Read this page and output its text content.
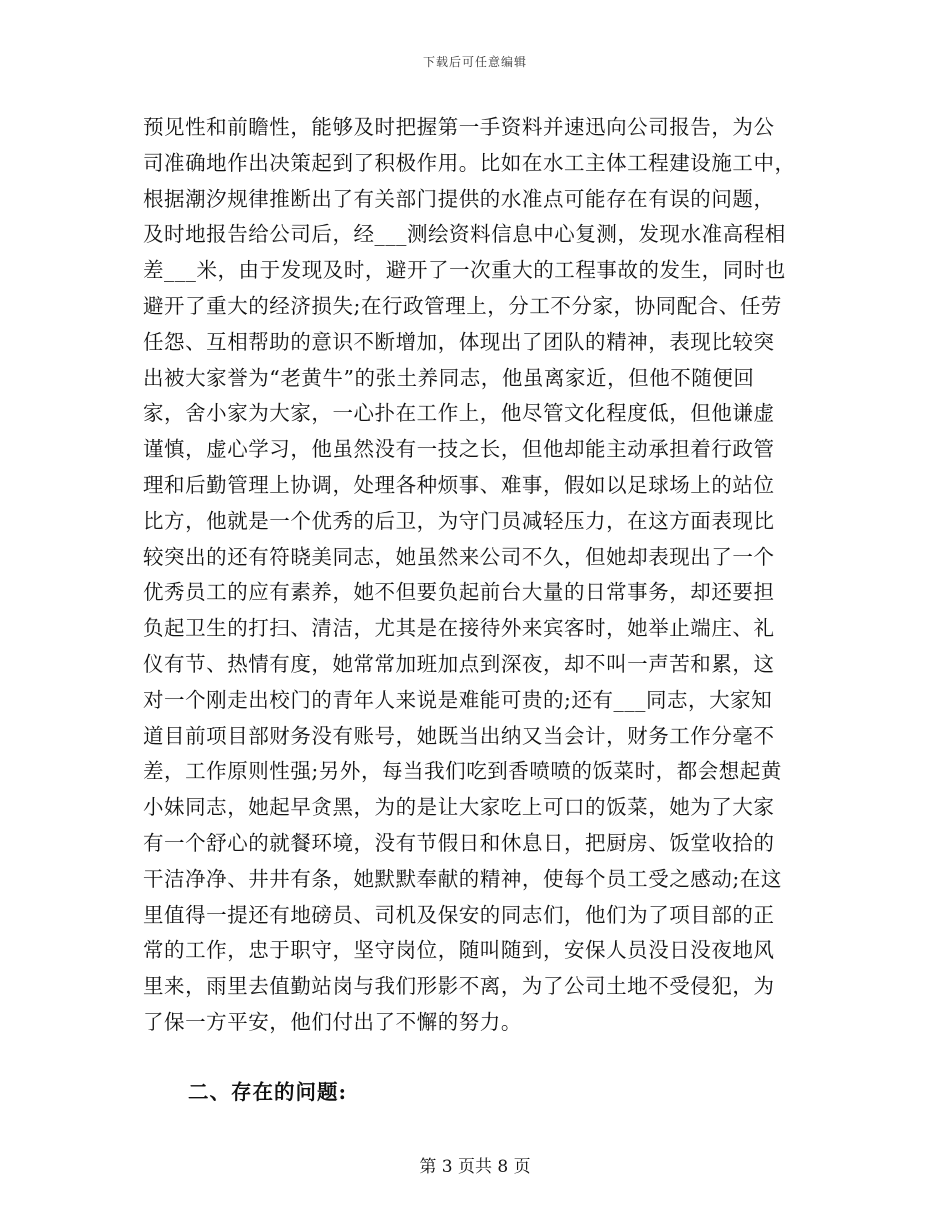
下载后可任意编辑
预见性和前瞻性，能够及时把握第一手资料并速迅向公司报告，为公
司准确地作出决策起到了积极作用。比如在水工主体工程建设施工中，
根据潮汐规律推断出了有关部门提供的水准点可能存在有误的问题，
及时地报告给公司后，经___测绘资料信息中心复测，发现水准高程相
差___米，由于发现及时，避开了一次重大的工程事故的发生，同时也
避开了重大的经济损失;在行政管理上，分工不分家，协同配合、任劳
任怨、互相帮助的意识不断增加，体现出了团队的精神，表现比较突
出被大家誉为“老黄牛”的张土养同志，他虽离家近，但他不随便回
家，舍小家为大家，一心扑在工作上，他尽管文化程度低，但他谦虚
谨慎，虚心学习，他虽然没有一技之长，但他却能主动承担着行政管
理和后勤管理上协调，处理各种烦事、难事，假如以足球场上的站位
比方，他就是一个优秀的后卫，为守门员减轻压力，在这方面表现比
较突出的还有符晓美同志，她虽然来公司不久，但她却表现出了一个
优秀员工的应有素养，她不但要负起前台大量的日常事务，却还要担
负起卫生的打扫、清洁，尤其是在接待外来宾客时，她举止端庄、礼
仪有节、热情有度，她常常加班加点到深夜，却不叫一声苦和累，这
对一个刚走出校门的青年人来说是难能可贵的;还有___同志，大家知
道目前项目部财务没有账号，她既当出纳又当会计，财务工作分毫不
差，工作原则性强;另外，每当我们吃到香喷喷的饭菜时，都会想起黄
小妹同志，她起早贪黑，为的是让大家吃上可口的饭菜，她为了大家
有一个舒心的就餐环境，没有节假日和休息日，把厨房、饭堂收拾的
干洁净净、井井有条，她默默奉献的精神，使每个员工受之感动;在这
里值得一提还有地磅员、司机及保安的同志们，他们为了项目部的正
常的工作，忠于职守，坚守岗位，随叫随到，安保人员没日没夜地风
里来，雨里去值勤站岗与我们形影不离，为了公司土地不受侵犯，为
了保一方平安，他们付出了不懈的努力。
二、存在的问题:
第 3 页共 8 页
